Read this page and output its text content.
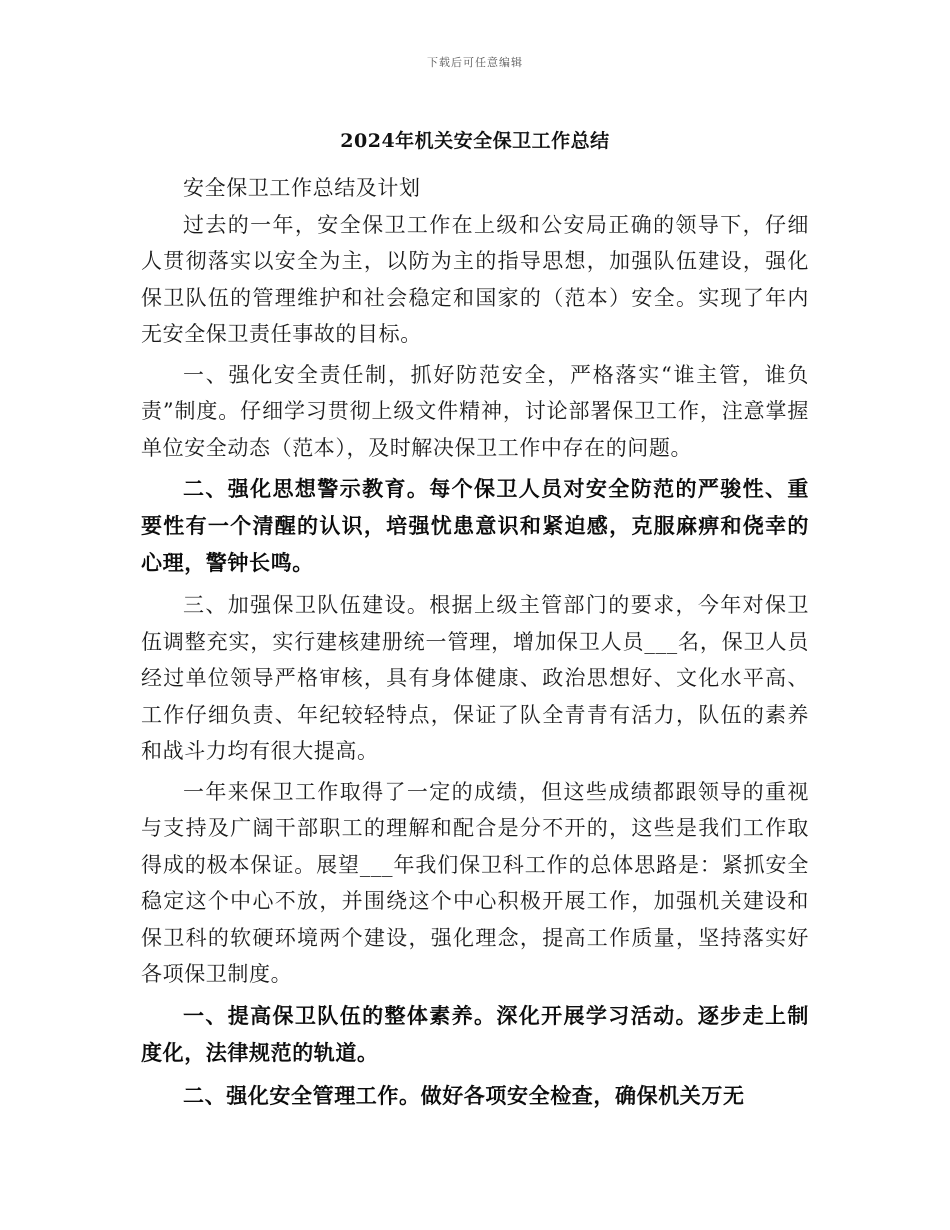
下载后可任意编辑
2024年机关安全保卫工作总结

安全保卫工作总结及计划

过去的一年，安全保卫工作在上级和公安局正确的领导下，仔细人贯彻落实以安全为主，以防为主的指导思想，加强队伍建设，强化保卫队伍的管理维护和社会稳定和国家的（范本）安全。实现了年内无安全保卫责任事故的目标。

一、强化安全责任制，抓好防范安全，严格落实“谁主管，谁负责”制度。仔细学习贯彻上级文件精神，讨论部署保卫工作，注意掌握单位安全动态（范本），及时解决保卫工作中存在的问题。

二、强化思想警示教育。每个保卫人员对安全防范的严骏性、重要性有一个清醒的认识，培强忧患意识和紧迫感，克服麻痹和侥幸的心理，警钟长鸣。

三、加强保卫队伍建设。根据上级主管部门的要求，今年对保卫伍调整充实，实行建核建册统一管理，增加保卫人员___名，保卫人员经过单位领导严格审核，具有身体健康、政治思想好、文化水平高、工作仔细负责、年纪较轻特点，保证了队全青青有活力，队伍的素养和战斗力均有很大提高。

一年来保卫工作取得了一定的成绩，但这些成绩都跟领导的重视与支持及广阔干部职工的理解和配合是分不开的，这些是我们工作取得成的极本保证。展望___年我们保卫科工作的总体思路是：紧抓安全稳定这个中心不放，并围绕这个中心积极开展工作，加强机关建设和保卫科的软硬环境两个建设，强化理念，提高工作质量，坚持落实好各项保卫制度。

一、提高保卫队伍的整体素养。深化开展学习活动。逐步走上制度化，法律规范的轨道。

二、强化安全管理工作。做好各项安全检查，确保机关万无
